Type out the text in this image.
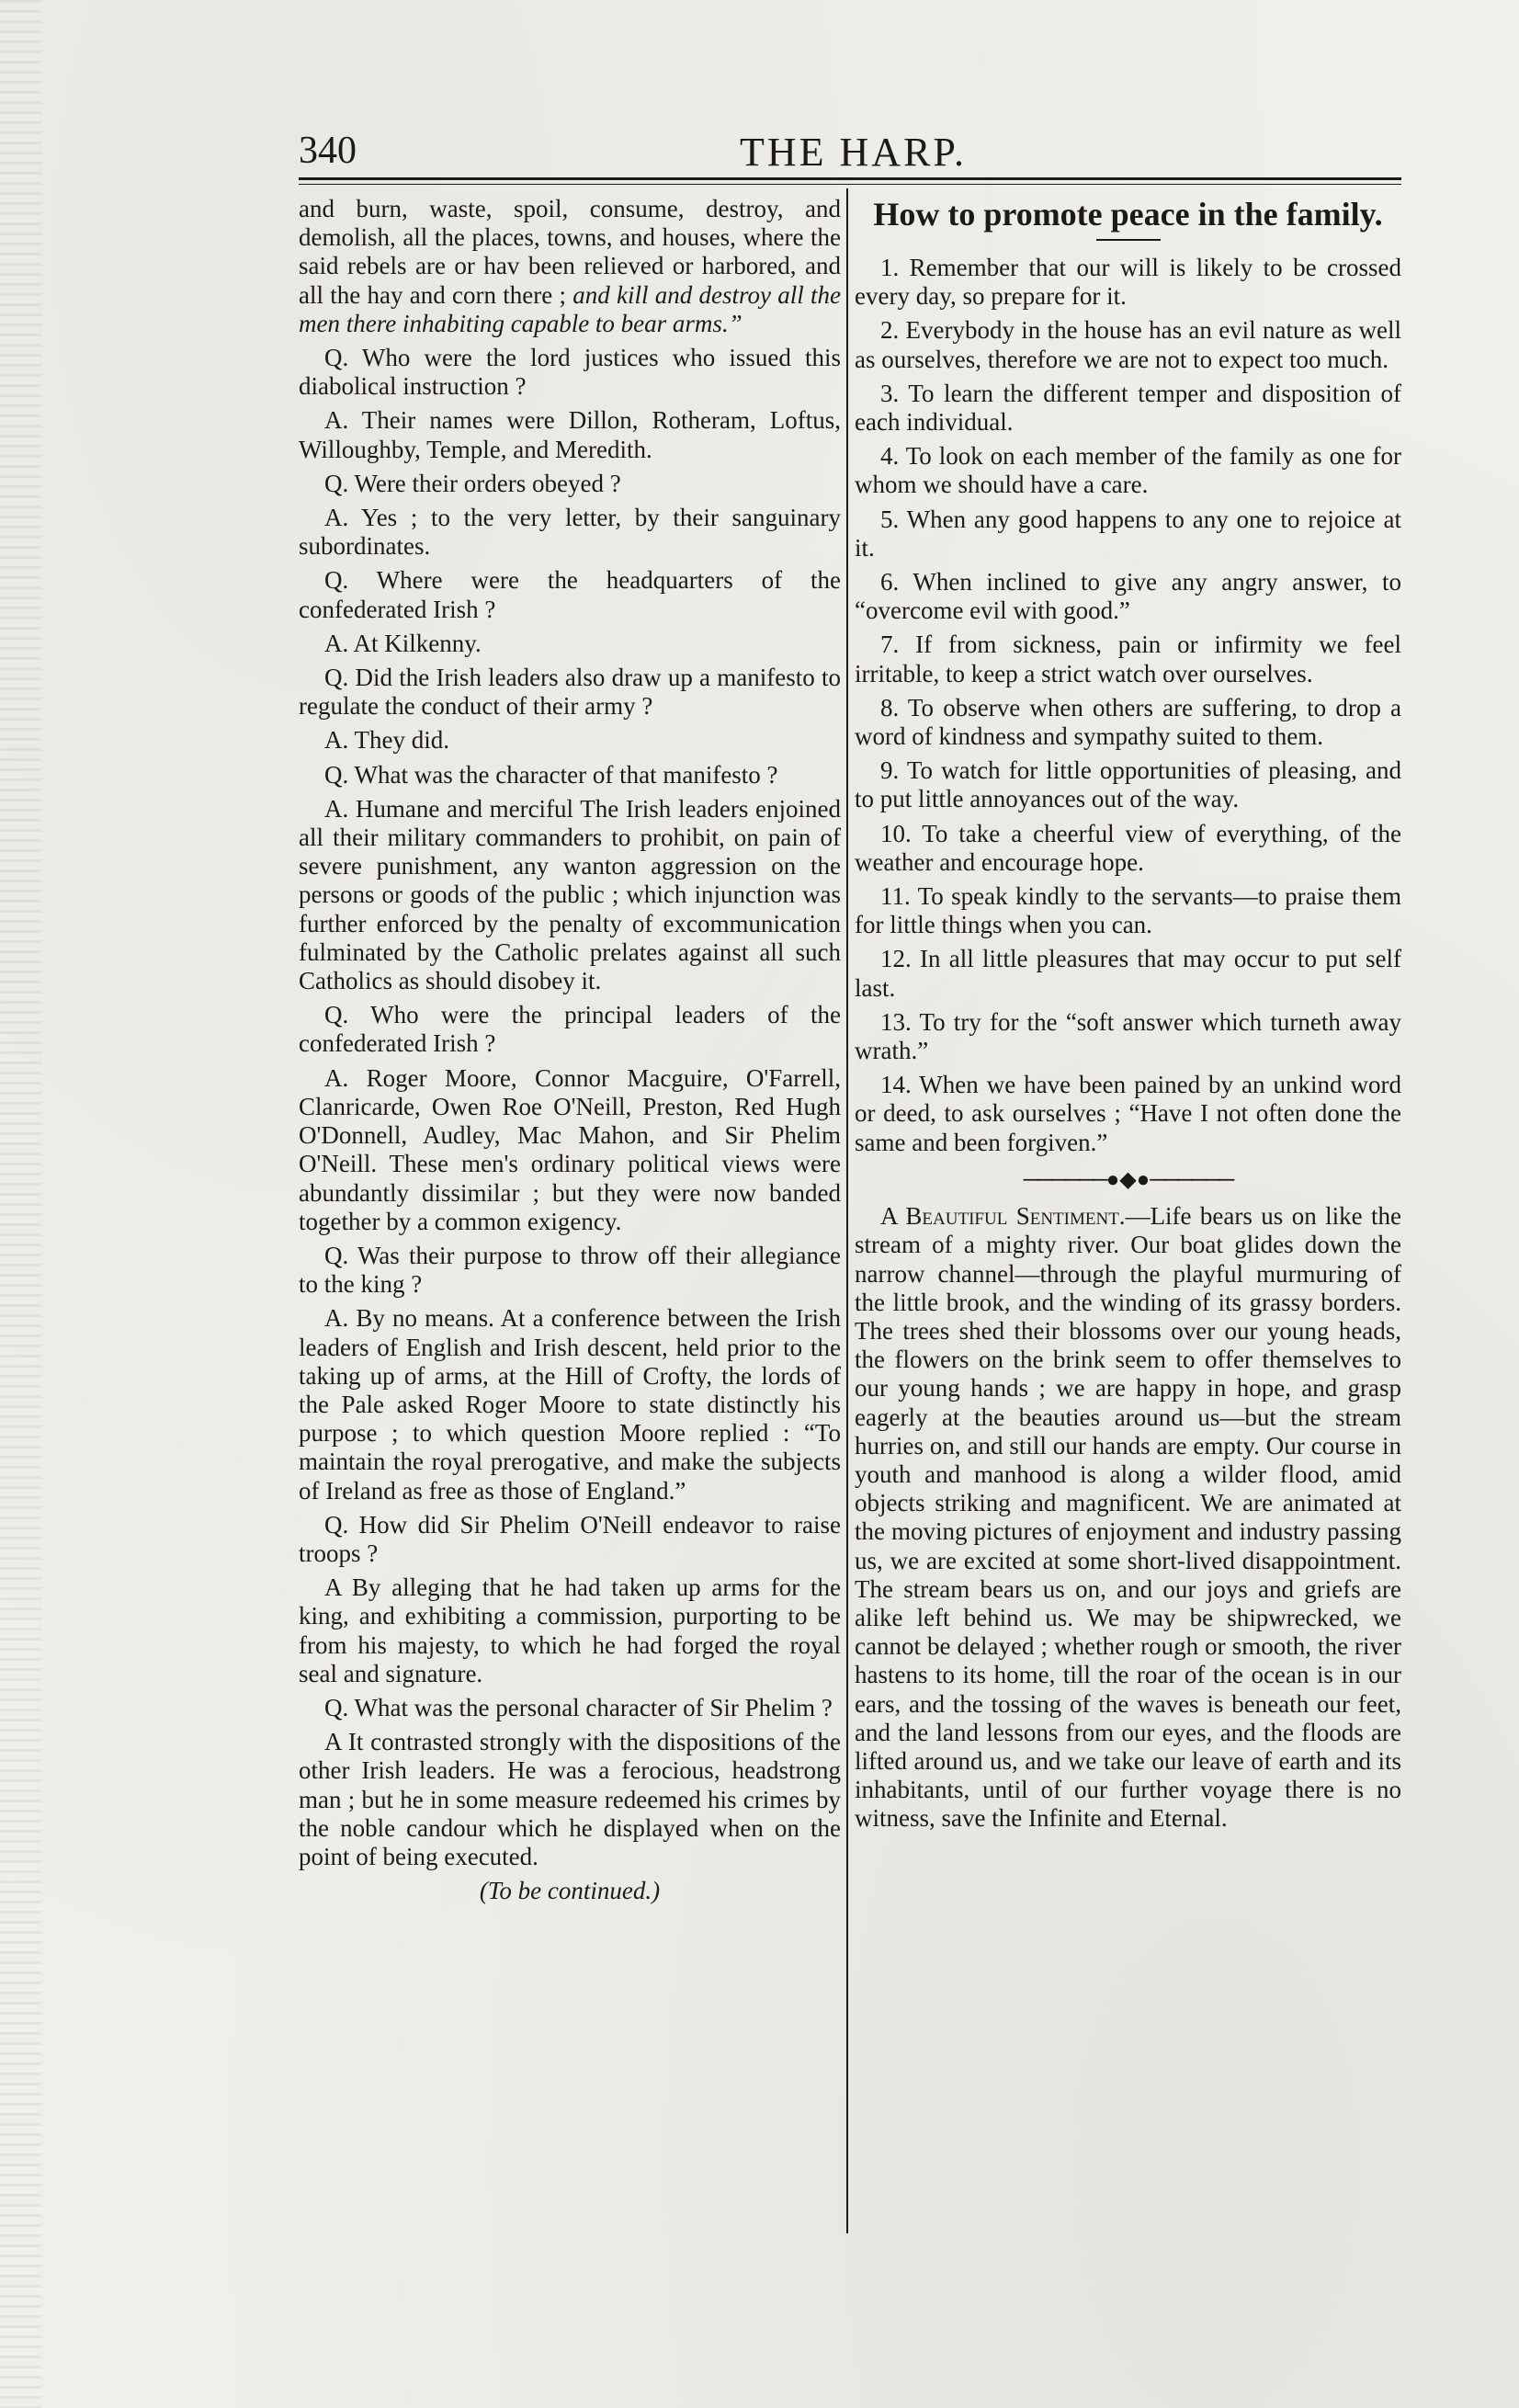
340	THE HARP.

and burn, waste, spoil, consume, destroy, and demolish, all the places, towns, and houses, where the said rebels are or hav been relieved or harbored, and all the hay and corn there ; and kill and destroy all the men there inhabiting capable to bear arms.”

Q. Who were the lord justices who issued this diabolical instruction ?

A. Their names were Dillon, Rotheram, Loftus, Willoughby, Temple, and Meredith.

Q. Were their orders obeyed ?

A. Yes ; to the very letter, by their sanguinary subordinates.

Q. Where were the headquarters of the confederated Irish ?

A. At Kilkenny.

Q. Did the Irish leaders also draw up a manifesto to regulate the conduct of their army ?

A. They did.

Q. What was the character of that manifesto ?

A. Humane and merciful The Irish leaders enjoined all their military commanders to prohibit, on pain of severe punishment, any wanton aggression on the persons or goods of the public ; which injunction was further enforced by the penalty of excommunication fulminated by the Catholic prelates against all such Catholics as should disobey it.

Q. Who were the principal leaders of the confederated Irish ?

A. Roger Moore, Connor Macguire, O'Farrell, Clanricarde, Owen Roe O'Neill, Preston, Red Hugh O'Donnell, Audley, Mac Mahon, and Sir Phelim O'Neill. These men's ordinary political views were abundantly dissimilar ; but they were now banded together by a common exigency.

Q. Was their purpose to throw off their allegiance to the king ?

A. By no means. At a conference between the Irish leaders of English and Irish descent, held prior to the taking up of arms, at the Hill of Crofty, the lords of the Pale asked Roger Moore to state distinctly his purpose ; to which question Moore replied : “To maintain the royal prerogative, and make the subjects of Ireland as free as those of England.”

Q. How did Sir Phelim O'Neill endeavor to raise troops ?

A By alleging that he had taken up arms for the king, and exhibiting a commission, purporting to be from his majesty, to which he had forged the royal seal and signature.

Q. What was the personal character of Sir Phelim ?

A It contrasted strongly with the dispositions of the other Irish leaders. He was a ferocious, headstrong man ; but he in some measure redeemed his crimes by the noble candour which he displayed when on the point of being executed.

(To be continued.)

How to promote peace in the family.

1. Remember that our will is likely to be crossed every day, so prepare for it.

2. Everybody in the house has an evil nature as well as ourselves, therefore we are not to expect too much.

3. To learn the different temper and disposition of each individual.

4. To look on each member of the family as one for whom we should have a care.

5. When any good happens to any one to rejoice at it.

6. When inclined to give any angry answer, to “overcome evil with good.”

7. If from sickness, pain or infirmity we feel irritable, to keep a strict watch over ourselves.

8. To observe when others are suffering, to drop a word of kindness and sympathy suited to them.

9. To watch for little opportunities of pleasing, and to put little annoyances out of the way.

10. To take a cheerful view of everything, of the weather and encourage hope.

11. To speak kindly to the servants—to praise them for little things when you can.

12. In all little pleasures that may occur to put self last.

13. To try for the “soft answer which turneth away wrath.”

14. When we have been pained by an unkind word or deed, to ask ourselves ; “Have I not often done the same and been forgiven.”

──────●◆●──────

A Beautiful Sentiment.—Life bears us on like the stream of a mighty river. Our boat glides down the narrow channel—through the playful murmuring of the little brook, and the winding of its grassy borders. The trees shed their blossoms over our young heads, the flowers on the brink seem to offer themselves to our young hands ; we are happy in hope, and grasp eagerly at the beauties around us—but the stream hurries on, and still our hands are empty. Our course in youth and manhood is along a wilder flood, amid objects striking and magnificent. We are animated at the moving pictures of enjoyment and industry passing us, we are excited at some short-lived disappointment. The stream bears us on, and our joys and griefs are alike left behind us. We may be shipwrecked, we cannot be delayed ; whether rough or smooth, the river hastens to its home, till the roar of the ocean is in our ears, and the tossing of the waves is beneath our feet, and the land lessons from our eyes, and the floods are lifted around us, and we take our leave of earth and its inhabitants, until of our further voyage there is no witness, save the Infinite and Eternal.
